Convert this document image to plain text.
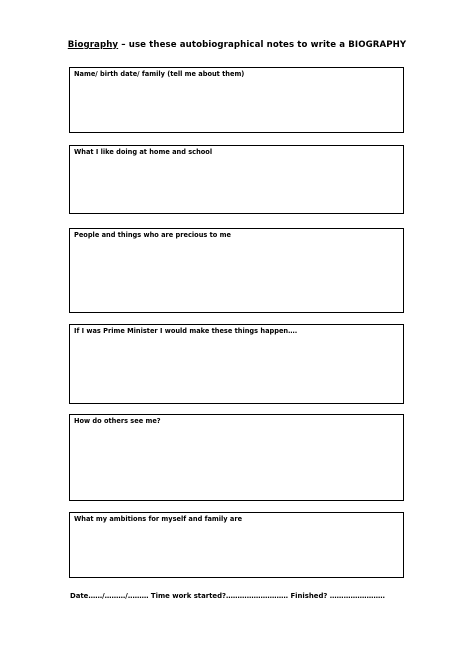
Biography – use these autobiographical notes to write a BIOGRAPHY
Name/ birth date/ family (tell me about them)
What I like doing at home and school
People and things who are precious to me
If I was Prime Minister I would make these things happen….
How do others see me?
What my ambitions for myself and family are
Date……/………/……… Time work started?……………………… Finished? ……………………
